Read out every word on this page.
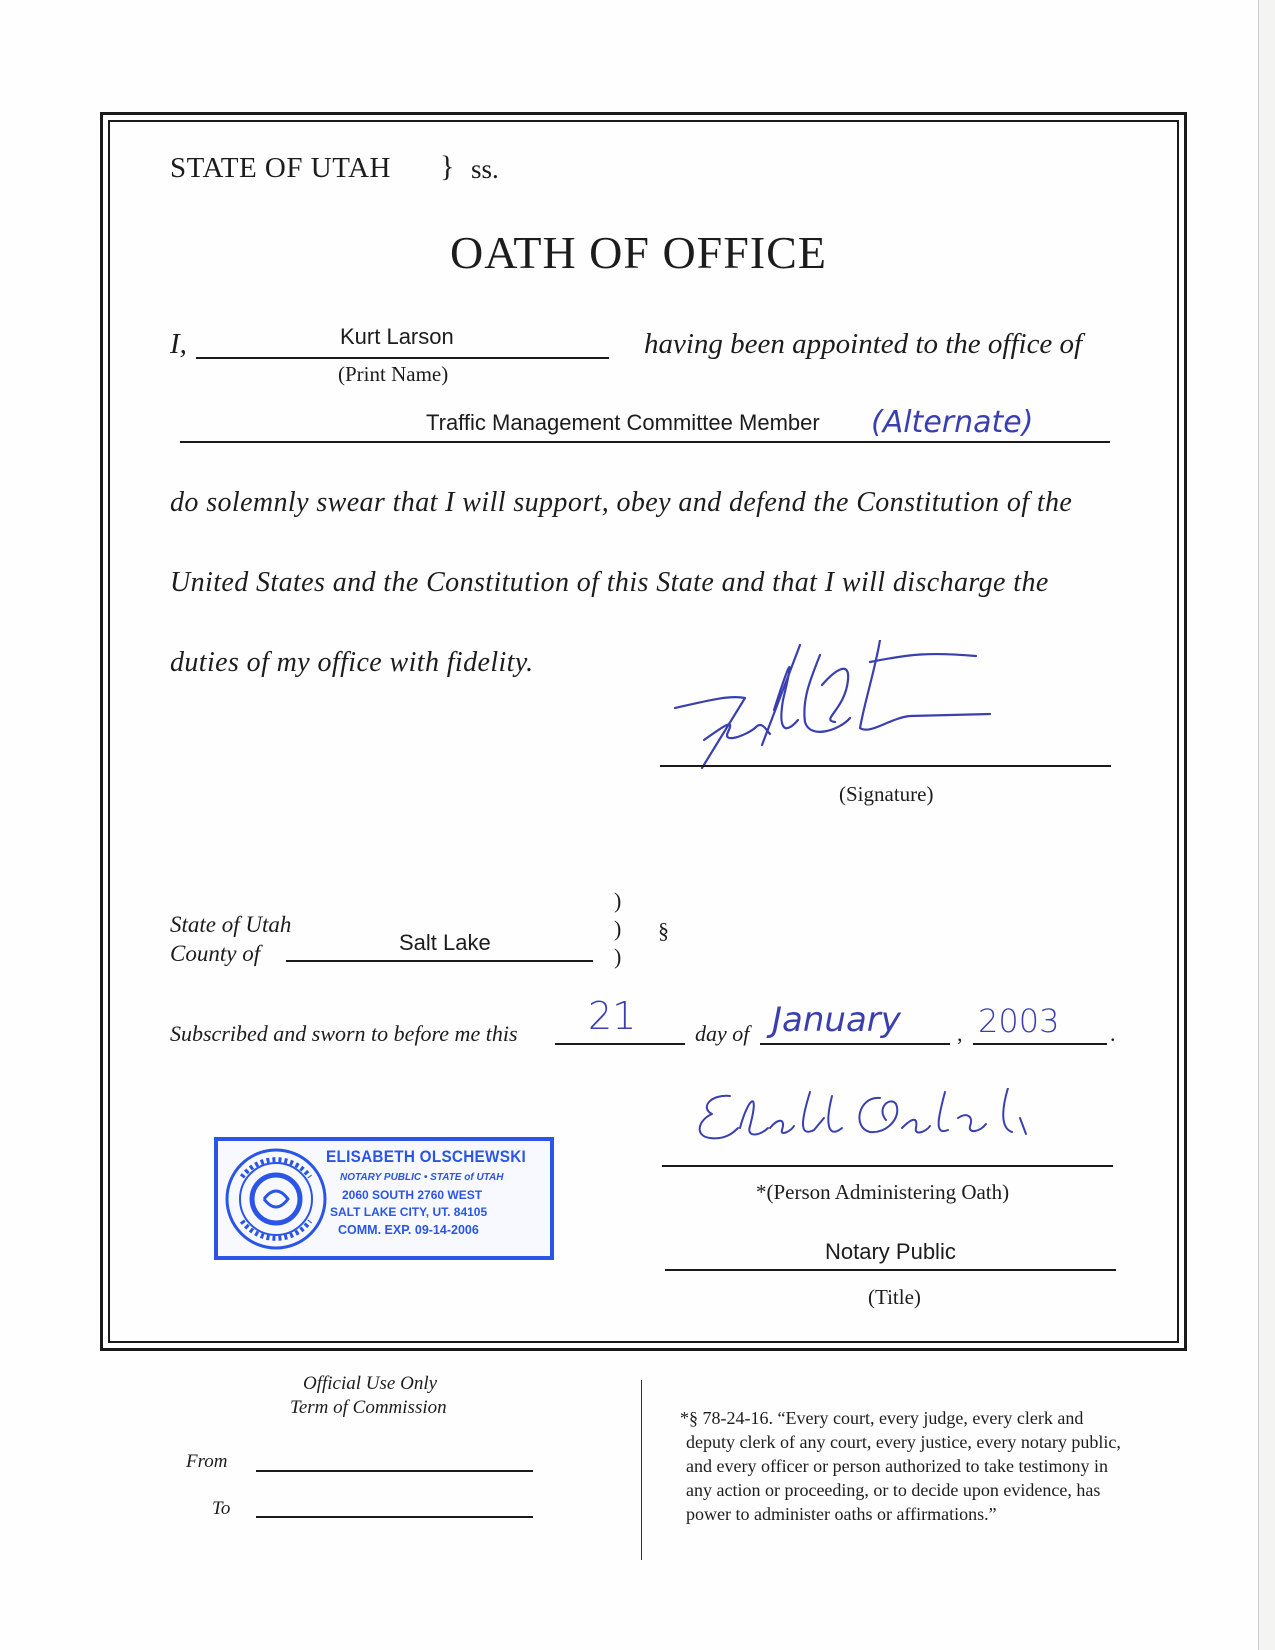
STATE OF UTAH } ss.
OATH OF OFFICE
I,	Kurt Larson
(Print Name)
having been appointed to the office of
Traffic Management Committee Member (Alternate)
do solemnly swear that I will support, obey and defend the Constitution of the
United States and the Constitution of this State and that I will discharge the
duties of my office with fidelity.
(Signature)
State of Utah
County of	Salt Lake
)
)
)
§
Subscribed and sworn to before me this 21	day of January	, 2003 .
ELISABETH OLSCHEWSKI
NOTARY PUBLIC • STATE of UTAH
2060 SOUTH 2760 WEST
SALT LAKE CITY, UT. 84105
COMM. EXP. 09-14-2006
*(Person Administering Oath)
Notary Public
(Title)
Official Use Only
Term of Commission
From
To
*§ 78-24-16. “Every court, every judge, every clerk and
deputy clerk of any court, every justice, every notary public,
and every officer or person authorized to take testimony in
any action or proceeding, or to decide upon evidence, has
power to administer oaths or affirmations.”
